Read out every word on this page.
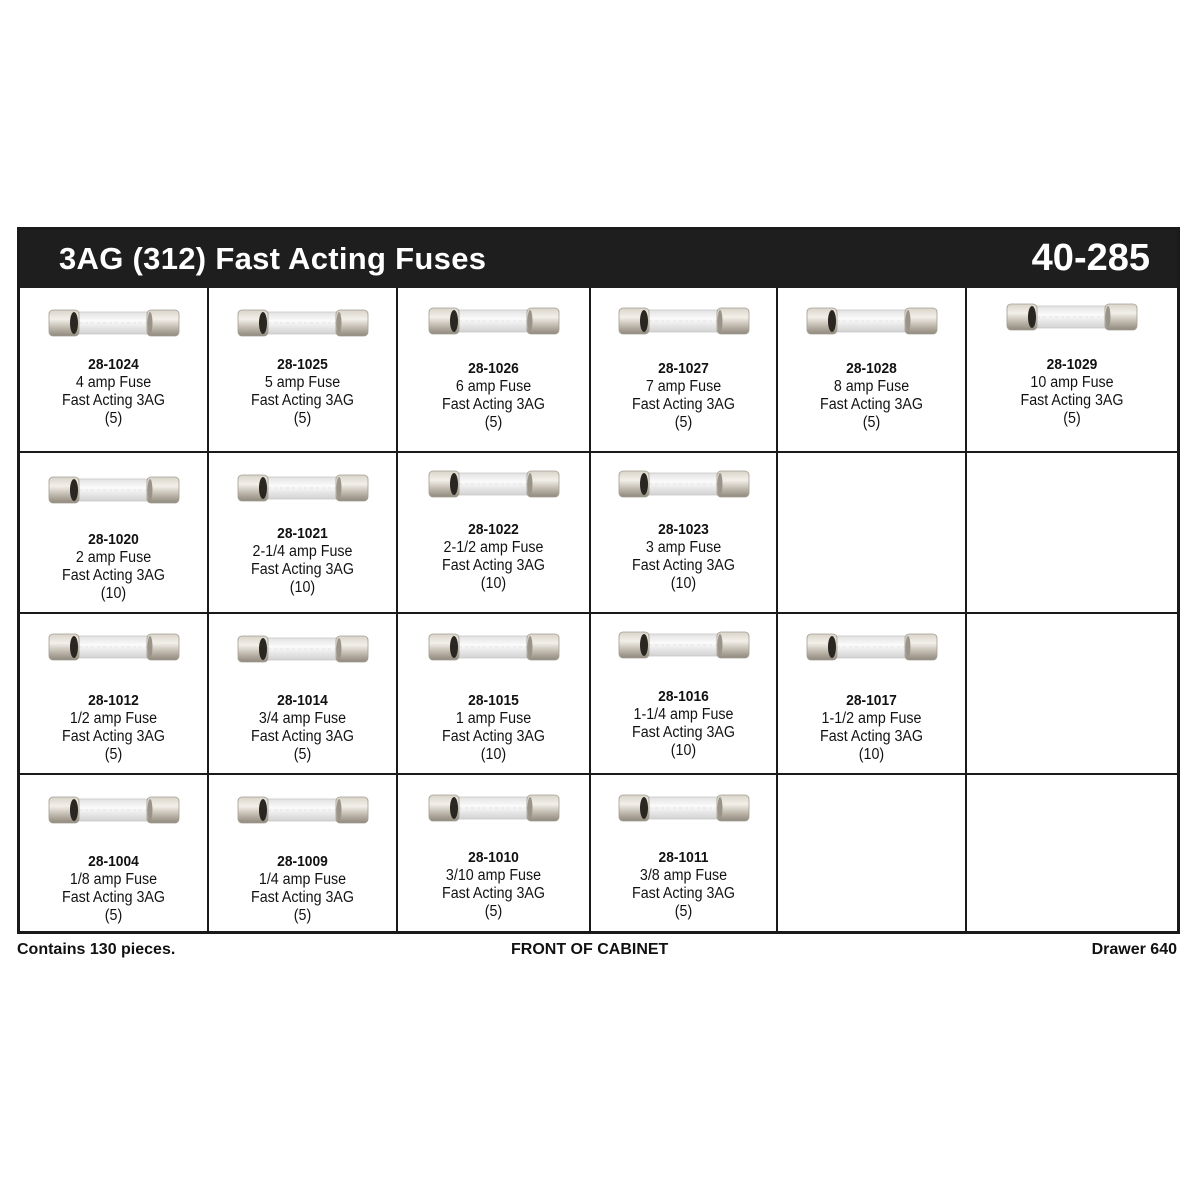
3AG (312) Fast Acting Fuses	40-285
28-1024
4 amp Fuse
Fast Acting 3AG
(5)
28-1025
5 amp Fuse
Fast Acting 3AG
(5)
28-1026
6 amp Fuse
Fast Acting 3AG
(5)
28-1027
7 amp Fuse
Fast Acting 3AG
(5)
28-1028
8 amp Fuse
Fast Acting 3AG
(5)
28-1029
10 amp Fuse
Fast Acting 3AG
(5)
28-1020
2 amp Fuse
Fast Acting 3AG
(10)
28-1021
2-1/4 amp Fuse
Fast Acting 3AG
(10)
28-1022
2-1/2 amp Fuse
Fast Acting 3AG
(10)
28-1023
3 amp Fuse
Fast Acting 3AG
(10)
28-1012
1/2 amp Fuse
Fast Acting 3AG
(5)
28-1014
3/4 amp Fuse
Fast Acting 3AG
(5)
28-1015
1 amp Fuse
Fast Acting 3AG
(10)
28-1016
1-1/4 amp Fuse
Fast Acting 3AG
(10)
28-1017
1-1/2 amp Fuse
Fast Acting 3AG
(10)
28-1004
1/8 amp Fuse
Fast Acting 3AG
(5)
28-1009
1/4 amp Fuse
Fast Acting 3AG
(5)
28-1010
3/10 amp Fuse
Fast Acting 3AG
(5)
28-1011
3/8 amp Fuse
Fast Acting 3AG
(5)
Contains 130 pieces.	FRONT OF CABINET	Drawer 640
